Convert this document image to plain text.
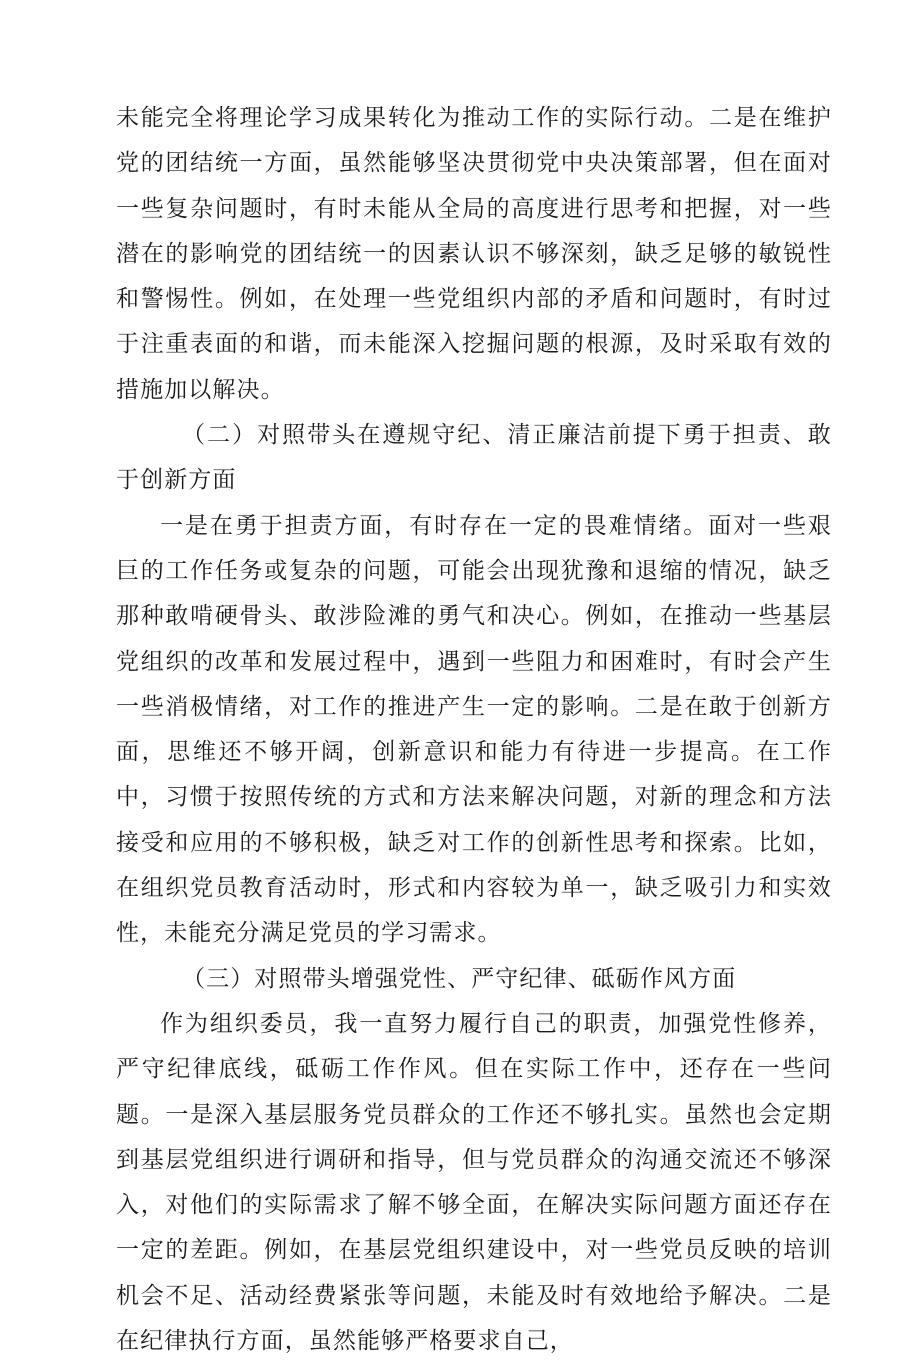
未能完全将理论学习成果转化为推动工作的实际行动。二是在维护党的团结统一方面，虽然能够坚决贯彻党中央决策部署，但在面对一些复杂问题时，有时未能从全局的高度进行思考和把握，对一些潜在的影响党的团结统一的因素认识不够深刻，缺乏足够的敏锐性和警惕性。例如，在处理一些党组织内部的矛盾和问题时，有时过于注重表面的和谐，而未能深入挖掘问题的根源，及时采取有效的措施加以解决。

（二）对照带头在遵规守纪、清正廉洁前提下勇于担责、敢于创新方面

一是在勇于担责方面，有时存在一定的畏难情绪。面对一些艰巨的工作任务或复杂的问题，可能会出现犹豫和退缩的情况，缺乏那种敢啃硬骨头、敢涉险滩的勇气和决心。例如，在推动一些基层党组织的改革和发展过程中，遇到一些阻力和困难时，有时会产生一些消极情绪，对工作的推进产生一定的影响。二是在敢于创新方面，思维还不够开阔，创新意识和能力有待进一步提高。在工作中，习惯于按照传统的方式和方法来解决问题，对新的理念和方法接受和应用的不够积极，缺乏对工作的创新性思考和探索。比如，在组织党员教育活动时，形式和内容较为单一，缺乏吸引力和实效性，未能充分满足党员的学习需求。

（三）对照带头增强党性、严守纪律、砥砺作风方面

作为组织委员，我一直努力履行自己的职责，加强党性修养，严守纪律底线，砥砺工作作风。但在实际工作中，还存在一些问题。一是深入基层服务党员群众的工作还不够扎实。虽然也会定期到基层党组织进行调研和指导，但与党员群众的沟通交流还不够深入，对他们的实际需求了解不够全面，在解决实际问题方面还存在一定的差距。例如，在基层党组织建设中，对一些党员反映的培训机会不足、活动经费紧张等问题，未能及时有效地给予解决。二是在纪律执行方面，虽然能够严格要求自己，
